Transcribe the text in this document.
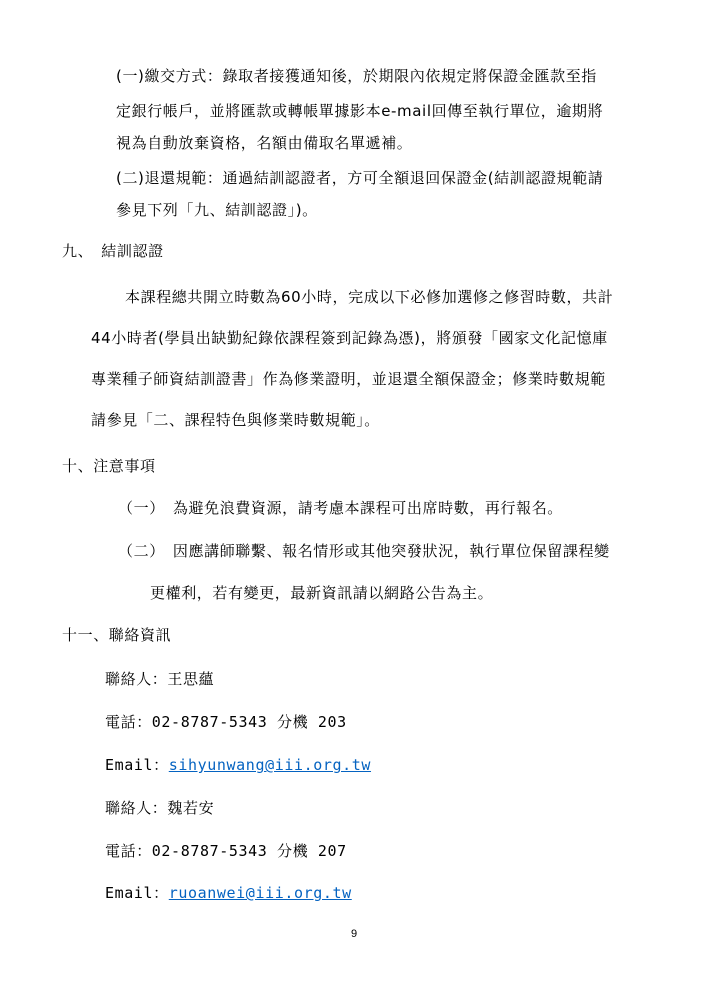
(一)繳交方式：錄取者接獲通知後，於期限內依規定將保證金匯款至指
定銀行帳戶，並將匯款或轉帳單據影本e-mail回傳至執行單位，逾期將
視為自動放棄資格，名額由備取名單遞補。
(二)退還規範：通過結訓認證者，方可全額退回保證金(結訓認證規範請
參見下列「九、結訓認證」)。
九、　結訓認證
本課程總共開立時數為60小時，完成以下必修加選修之修習時數，共計
44小時者(學員出缺勤紀錄依課程簽到記錄為憑)，將頒發「國家文化記憶庫
專業種子師資結訓證書」作為修業證明，並退還全額保證金；修業時數規範
請參見「二、課程特色與修業時數規範」。
十、注意事項
（一）　為避免浪費資源，請考慮本課程可出席時數，再行報名。
（二）　因應講師聯繫、報名情形或其他突發狀況，執行單位保留課程變
更權利，若有變更，最新資訊請以網路公告為主。
十一、聯絡資訊
聯絡人：王思蘊
電話：02-8787-5343 分機 203
Email：sihyunwang@iii.org.tw
聯絡人：魏若安
電話：02-8787-5343 分機 207
Email：ruoanwei@iii.org.tw
9
